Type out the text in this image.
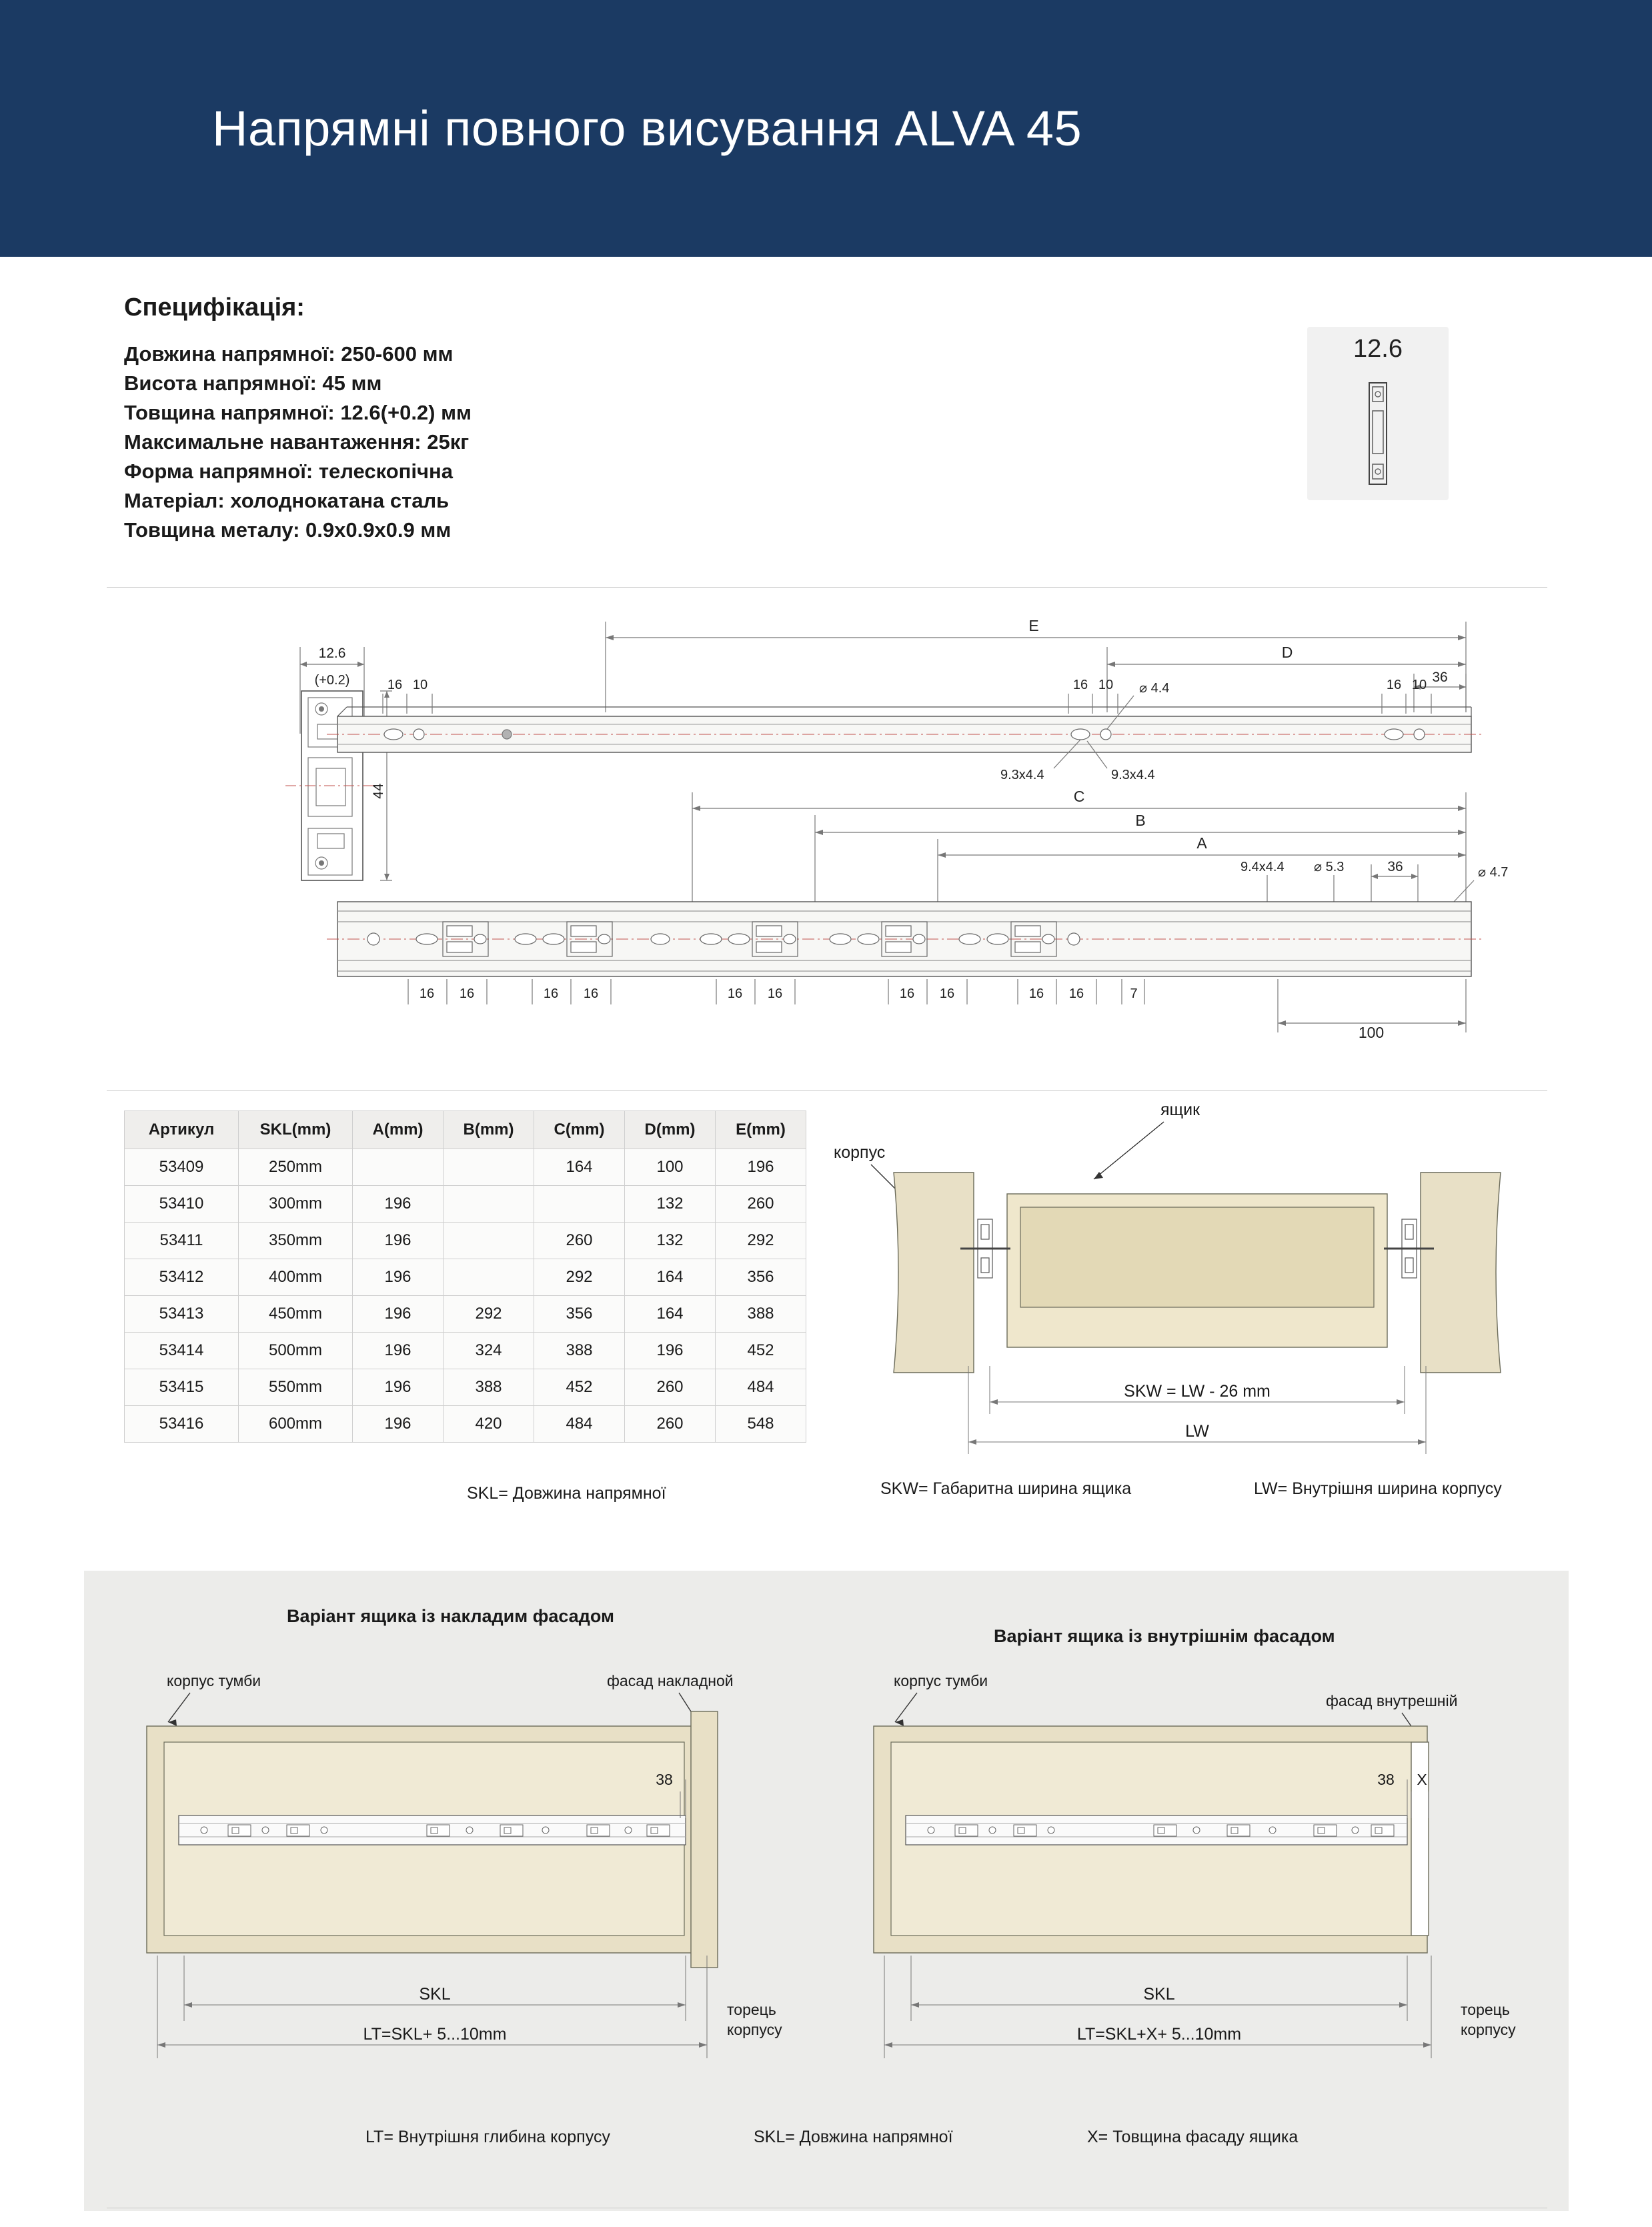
Напрямні повного висування ALVA 45
Специфікація:
Довжина напрямної: 250-600 мм
Висота напрямної: 45 мм
Товщина напрямної: 12.6(+0.2) мм
Максимальне навантаження: 25кг
Форма напрямної: телескопічна
Матеріал: холоднокатана сталь
Товщина металу: 0.9x0.9x0.9 мм
12.6
12.6
(+0.2)
44
E
D
36
16 10	16 10	16 10
⌀ 4.4
9.3x4.4	9.3x4.4
C
B
A
36
9.4x4.4 ⌀ 5.3	⌀ 4.7
16 16	16 16	16 16	16 16	16 16	7
100
Артикул	SKL(mm)	A(mm)	B(mm)	C(mm)	D(mm)	E(mm)
53409	250mm			164	100	196
53410	300mm	196			132	260
53411	350mm	196		260	132	292
53412	400mm	196		292	164	356
53413	450mm	196	292	356	164	388
53414	500mm	196	324	388	196	452
53415	550mm	196	388	452	260	484
53416	600mm	196	420	484	260	548
SKL= Довжина напрямної
ящик
корпус
SKW = LW - 26 mm
LW
SKW= Габаритна ширина ящика	LW= Внутрішня ширина корпусу
Варіант ящика із накладим фасадом
Варіант ящика із внутрішнім фасадом
корпус тумби	фасад накладной
38
SKL
LT=SKL+ 5...10mm
торець
корпусу
корпус тумби
фасад внутрешній
38 X
SKL
LT=SKL+X+ 5...10mm
торець
корпусу
LT= Внутрішня глибина корпусу	SKL= Довжина напрямної	X= Товщина фасаду ящика
